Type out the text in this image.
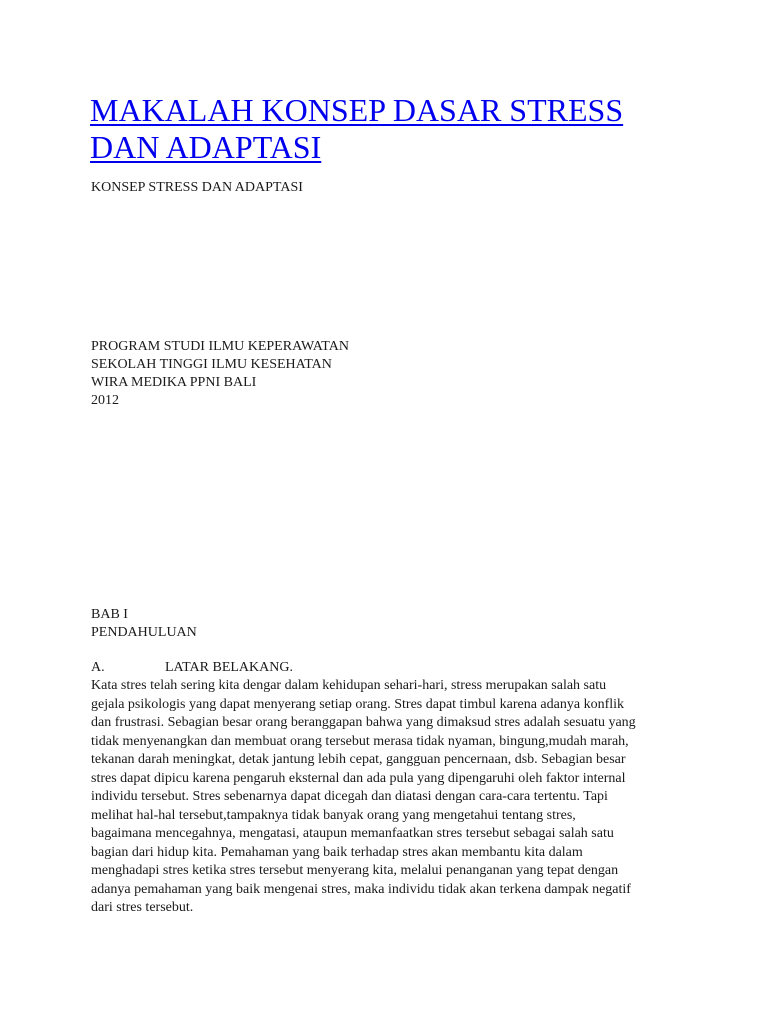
MAKALAH KONSEP DASAR STRESS DAN ADAPTASI
KONSEP STRESS DAN ADAPTASI
PROGRAM STUDI ILMU KEPERAWATAN
SEKOLAH TINGGI ILMU KESEHATAN
WIRA MEDIKA PPNI BALI
2012
BAB I
PENDAHULUAN
A.	LATAR BELAKANG.

Kata stres telah sering kita dengar dalam kehidupan sehari-hari, stress merupakan salah satu
gejala psikologis yang dapat menyerang setiap orang. Stres dapat timbul karena adanya konflik
dan frustrasi. Sebagian besar orang beranggapan bahwa yang dimaksud stres adalah sesuatu yang
tidak menyenangkan dan membuat orang tersebut merasa tidak nyaman, bingung,mudah marah,
tekanan darah meningkat, detak jantung lebih cepat, gangguan pencernaan, dsb. Sebagian besar
stres dapat dipicu karena pengaruh eksternal dan ada pula yang dipengaruhi oleh faktor internal
individu tersebut. Stres sebenarnya dapat dicegah dan diatasi dengan cara-cara tertentu. Tapi
melihat hal-hal tersebut,tampaknya tidak banyak orang yang mengetahui tentang stres,
bagaimana mencegahnya, mengatasi, ataupun memanfaatkan stres tersebut sebagai salah satu
bagian dari hidup kita. Pemahaman yang baik terhadap stres akan membantu kita dalam
menghadapi stres ketika stres tersebut menyerang kita, melalui penanganan yang tepat dengan
adanya pemahaman yang baik mengenai stres, maka individu tidak akan terkena dampak negatif
dari stres tersebut.
